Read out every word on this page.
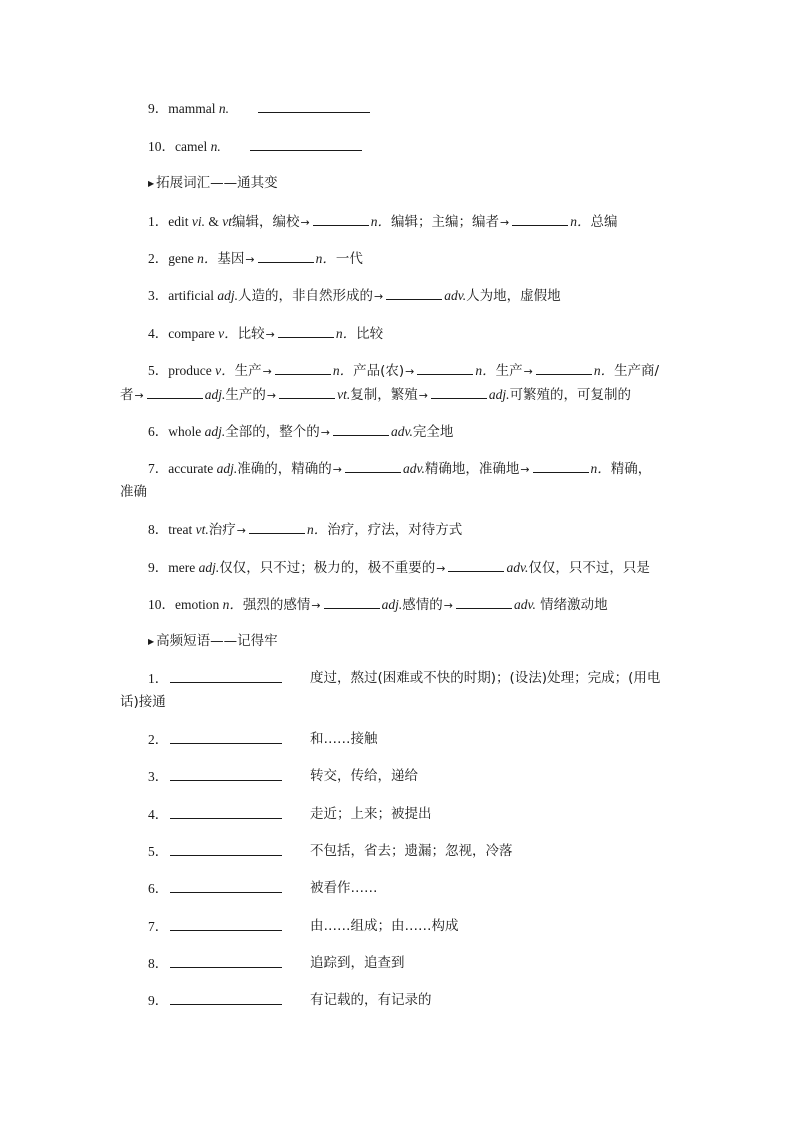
9．mammal n.
10．camel n.
▶ 拓展词汇——通其变
1．edit vi. & vt编辑，编校→	n．编辑；主编；编者→	n．总编
2．gene n．基因→	n．一代
3．artificial adj.人造的，非自然形成的→	adv.人为地，虚假地
4．compare v．比较→	n．比较
5．produce v．生产→	n．产品(农)→	n．生产→	n．生产商/
者→	adj.生产的→	vt.复制，繁殖→	adj.可繁殖的，可复制的
6．whole adj.全部的，整个的→	adv.完全地
7．accurate adj.准确的，精确的→	adv.精确地，准确地→	n．精确，
准确
8．treat vt.治疗→	n．治疗，疗法，对待方式
9．mere adj.仅仅，只不过；极力的，极不重要的→	adv.仅仅，只不过，只是
10．emotion n．强烈的感情→	adj.感情的→	adv. 情绪激动地
▶ 高频短语——记得牢
1．	度过，熬过(困难或不快的时期)；(设法)处理；完成；(用电
话)接通
2．	和……接触
3．	转交，传给，递给
4．	走近；上来；被提出
5．	不包括，省去；遗漏；忽视，冷落
6．	被看作……
7．	由……组成；由……构成
8．	追踪到，追查到
9．	有记载的，有记录的
